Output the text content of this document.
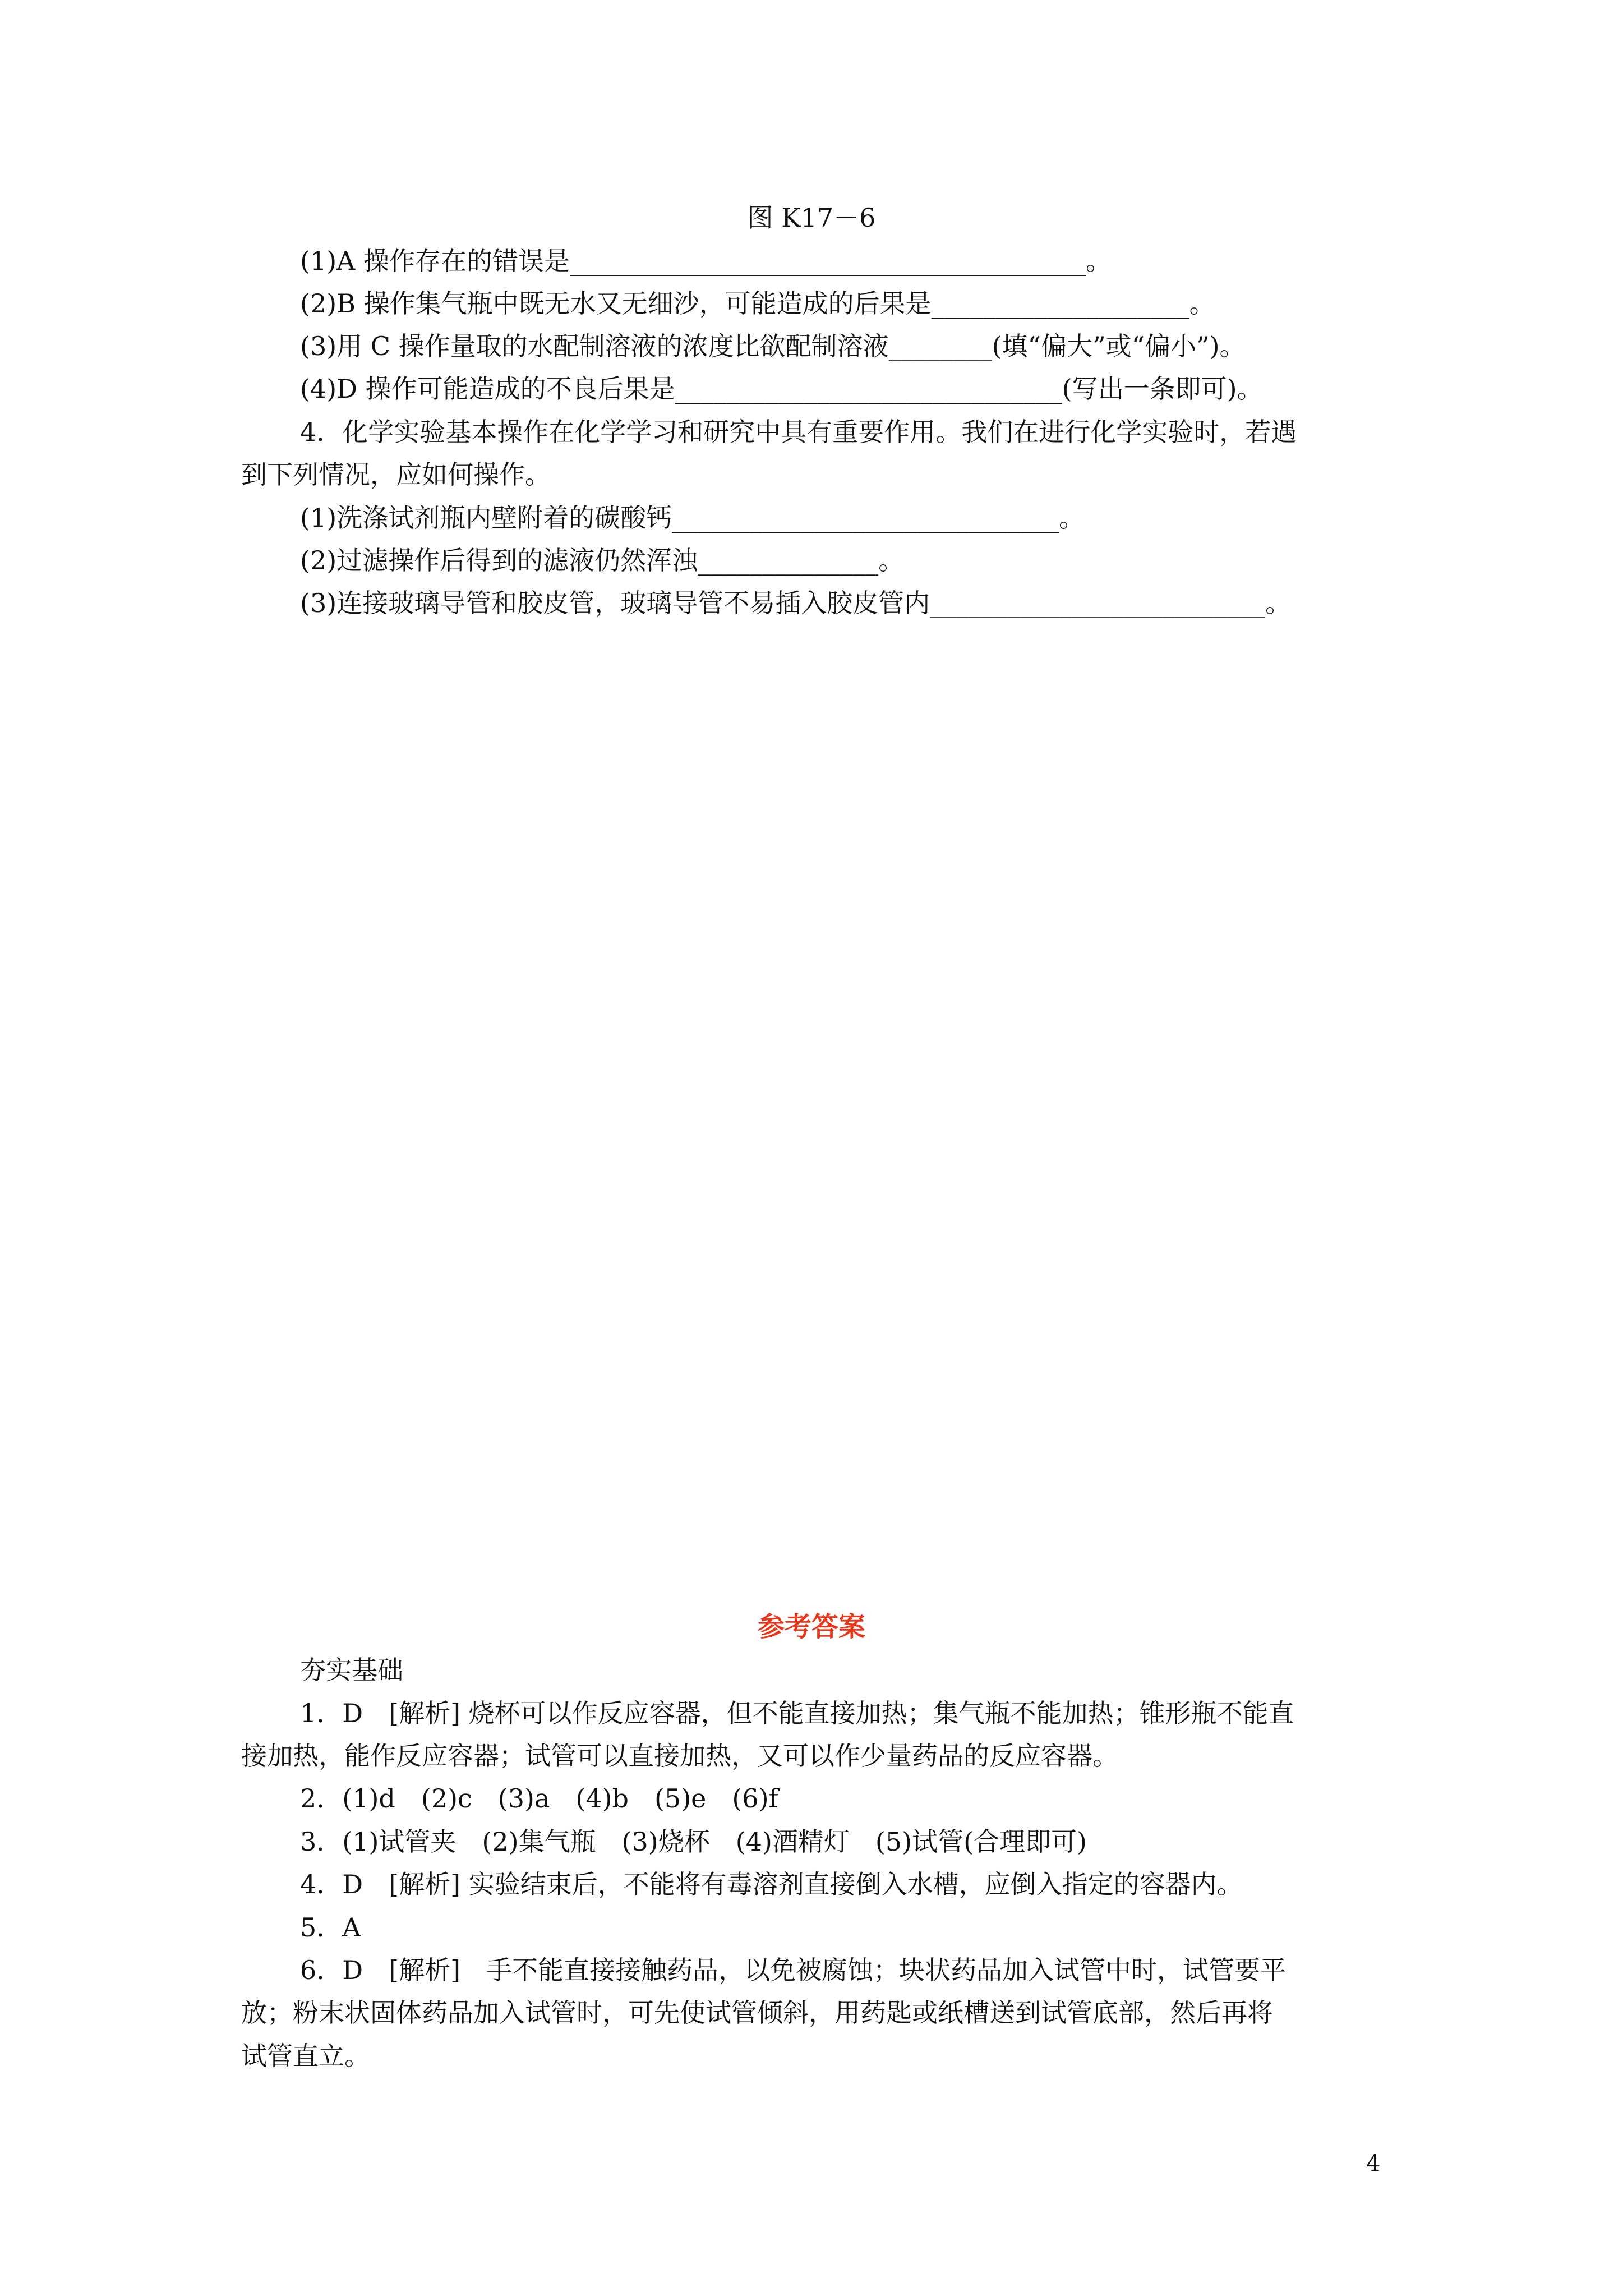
图 K17－6
(1)A 操作存在的错误是________________________________________。
(2)B 操作集气瓶中既无水又无细沙，可能造成的后果是____________________。
(3)用 C 操作量取的水配制溶液的浓度比欲配制溶液________(填“偏大”或“偏小”)。
(4)D 操作可能造成的不良后果是______________________________(写出一条即可)。
4．化学实验基本操作在化学学习和研究中具有重要作用。我们在进行化学实验时，若遇
到下列情况，应如何操作。
(1)洗涤试剂瓶内壁附着的碳酸钙______________________________。
(2)过滤操作后得到的滤液仍然浑浊______________。
(3)连接玻璃导管和胶皮管，玻璃导管不易插入胶皮管内__________________________。
参考答案
夯实基础
1．D　[解析] 烧杯可以作反应容器，但不能直接加热；集气瓶不能加热；锥形瓶不能直
接加热，能作反应容器；试管可以直接加热，又可以作少量药品的反应容器。
2．(1)d　(2)c　(3)a　(4)b　(5)e　(6)f
3．(1)试管夹　(2)集气瓶　(3)烧杯　(4)酒精灯　(5)试管(合理即可)
4．D　[解析] 实验结束后，不能将有毒溶剂直接倒入水槽，应倒入指定的容器内。
5．A
6．D　[解析]　手不能直接接触药品，以免被腐蚀；块状药品加入试管中时，试管要平
放；粉末状固体药品加入试管时，可先使试管倾斜，用药匙或纸槽送到试管底部，然后再将
试管直立。
4
